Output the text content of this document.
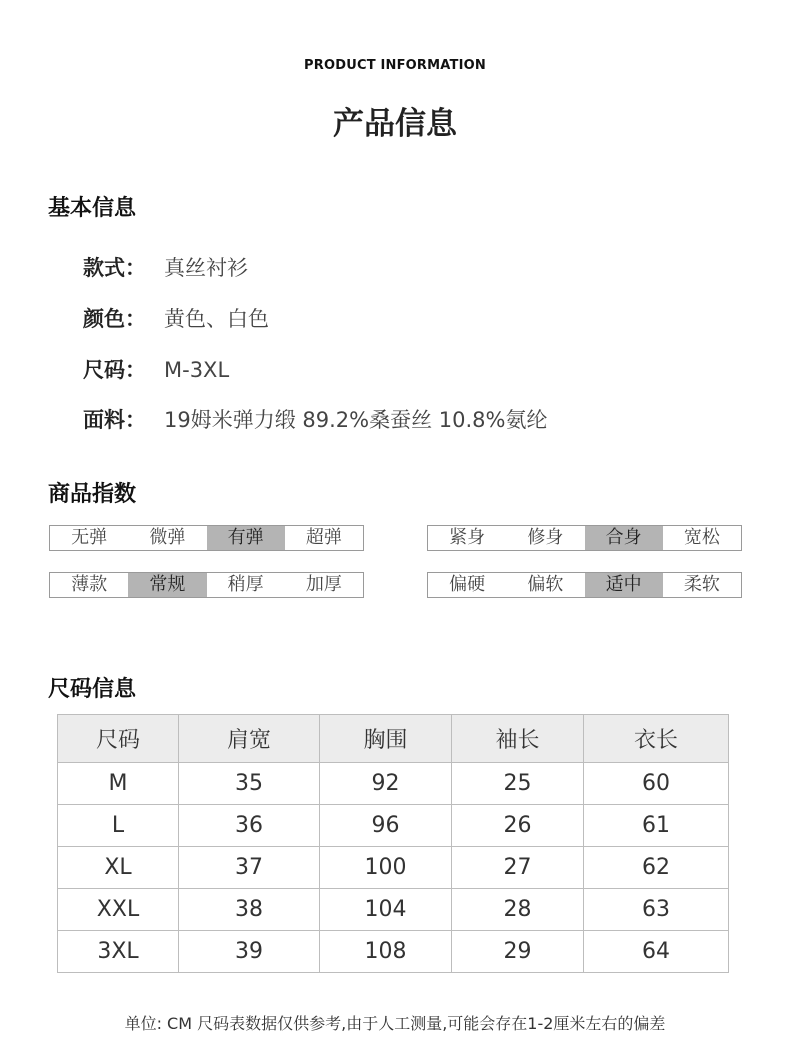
PRODUCT INFORMATION
产品信息
基本信息
款式： 真丝衬衫
颜色： 黄色、白色
尺码： M-3XL
面料： 19姆米弹力缎 89.2%桑蚕丝 10.8%氨纶
商品指数
无弹	微弹	有弹	超弹	紧身	修身	合身	宽松
薄款	常规	稍厚	加厚	偏硬	偏软	适中	柔软
尺码信息
尺码	肩宽	胸围	袖长	衣长
M	35	92	25	60
L	36	96	26	61
XL	37	100	27	62
XXL	38	104	28	63
3XL	39	108	29	64
单位: CM 尺码表数据仅供参考,由于人工测量,可能会存在1-2厘米左右的偏差
